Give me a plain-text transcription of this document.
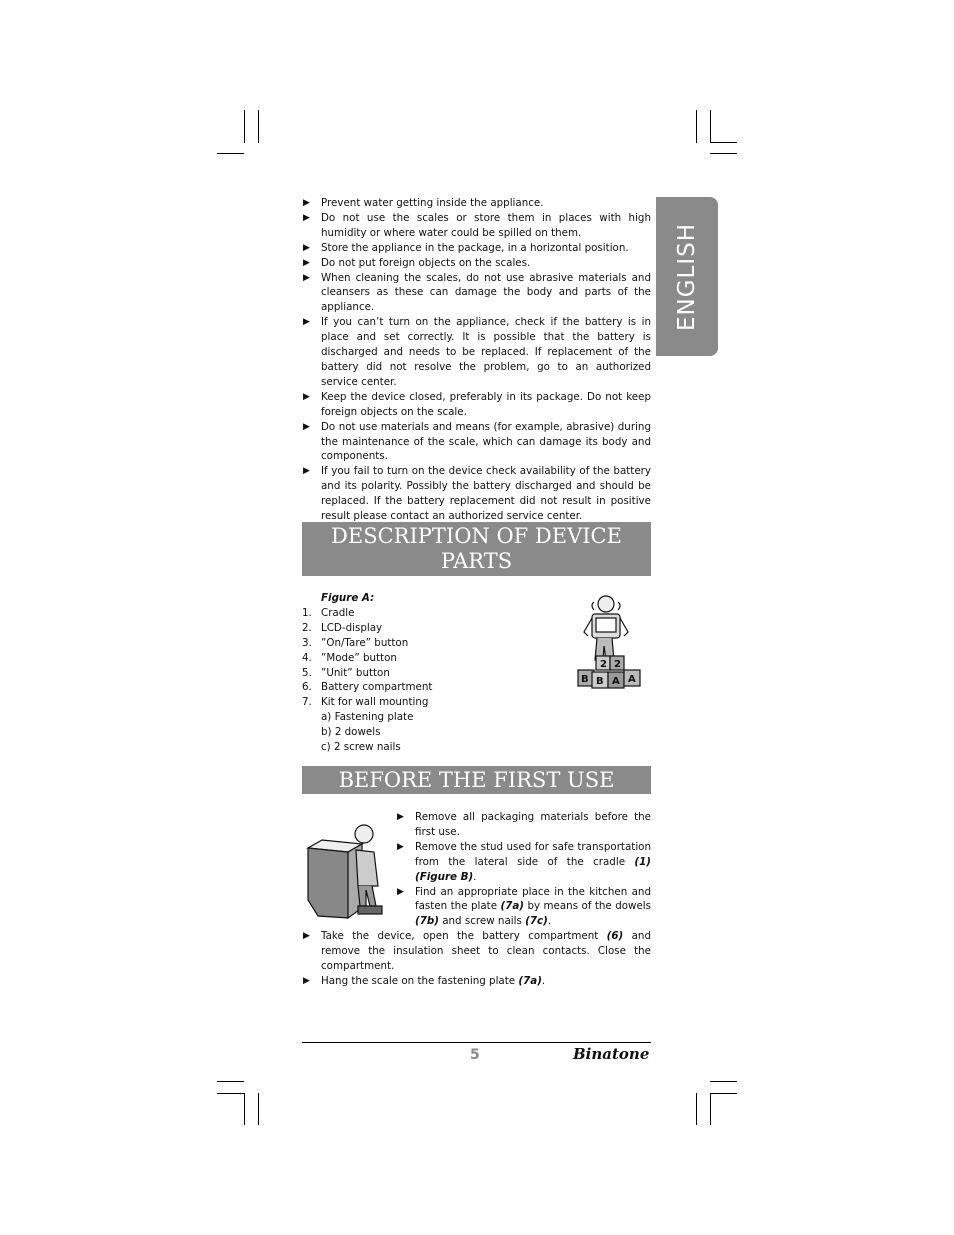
ENGLISH
▶ Prevent water getting inside the appliance.
▶ Do not use the scales or store them in places with high humidity or where water could be spilled on them.
▶ Store the appliance in the package, in a horizontal position.
▶ Do not put foreign objects on the scales.
▶ When cleaning the scales, do not use abrasive materials and cleansers as these can damage the body and parts of the appliance.
▶ If you can’t turn on the appliance, check if the battery is in place and set correctly. It is possible that the battery is discharged and needs to be replaced. If replacement of the battery did not resolve the problem, go to an authorized service center.
▶ Keep the device closed, preferably in its package. Do not keep foreign objects on the scale.
▶ Do not use materials and means (for example, abrasive) during the maintenance of the scale, which can damage its body and components.
▶ If you fail to turn on the device check availability of the battery and its polarity. Possibly the battery discharged and should be replaced. If the battery replacement did not result in positive result please contact an authorized service center.
DESCRIPTION OF DEVICE
PARTS
Figure A:
1. Cradle
2. LCD-display
3. ”On/Tare” button
4. ”Mode” button
5. ”Unit” button
6. Battery compartment
7. Kit for wall mounting
a) Fastening plate
b) 2 dowels
c) 2 screw nails
B B A A
2 2
BEFORE THE FIRST USE
▶ Remove all packaging materials before the first use.
▶ Remove the stud used for safe transportation from the lateral side of the cradle (1) (Figure B).
▶ Find an appropriate place in the kitchen and fasten the plate (7a) by means of the dowels (7b) and screw nails (7c).
▶ Take the device, open the battery compartment (6) and remove the insulation sheet to clean contacts. Close the compartment.
▶ Hang the scale on the fastening plate (7a).
5	Binatone
